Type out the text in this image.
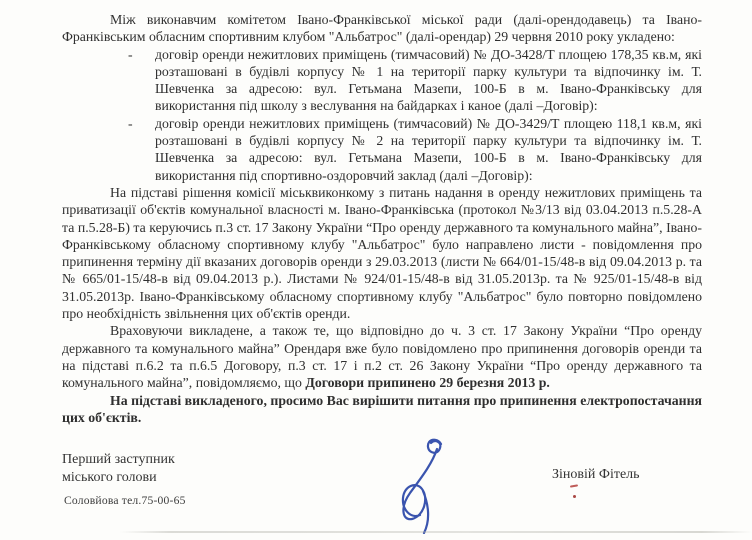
Між виконавчим комітетом Івано-Франківської міської ради (далі-орендодавець) та Івано-Франківським обласним спортивним клубом "Альбатрос" (далі-орендар) 29 червня 2010 року укладено:

- договір оренди нежитлових приміщень (тимчасовий) № ДО-3428/Т площею 178,35 кв.м, які розташовані в будівлі корпусу № 1 на території парку культури та відпочинку ім. Т. Шевченка за адресою: вул. Гетьмана Мазепи, 100-Б в м. Івано-Франківську для використання під школу з веслування на байдарках і каное (далі –Договір):

- договір оренди нежитлових приміщень (тимчасовий) № ДО-3429/Т площею 118,1 кв.м, які розташовані в будівлі корпусу № 2 на території парку культури та відпочинку ім. Т. Шевченка за адресою: вул. Гетьмана Мазепи, 100-Б в м. Івано-Франківську для використання під спортивно-оздоровчий заклад (далі –Договір):

На підставі рішення комісії міськвиконкому з питань надання в оренду нежитлових приміщень та приватизації об'єктів комунальної власності м. Івано-Франківська (протокол №3/13 від 03.04.2013 п.5.28-А та п.5.28-Б) та керуючись п.3 ст. 17 Закону України “Про оренду державного та комунального майна”, Івано-Франківському обласному спортивному клубу "Альбатрос" було направлено листи - повідомлення про припинення терміну дії вказаних договорів оренди з 29.03.2013 (листи № 664/01-15/48-в від 09.04.2013 р. та № 665/01-15/48-в від 09.04.2013 р.). Листами № 924/01-15/48-в від 31.05.2013р. та № 925/01-15/48-в від 31.05.2013р. Івано-Франківському обласному спортивному клубу "Альбатрос" було повторно повідомлено про необхідність звільнення цих об'єктів оренди.

Враховуючи викладене, а також те, що відповідно до ч. 3 ст. 17 Закону України “Про оренду державного та комунального майна” Орендаря вже було повідомлено про припинення договорів оренди та на підставі п.6.2 та п.6.5 Договору, п.3 ст. 17 і п.2 ст. 26 Закону України “Про оренду державного та комунального майна”, повідомляємо, що Договори припинено 29 березня 2013 р.

На підставі викладеного, просимо Вас вирішити питання про припинення електропостачання цих об'єктів.

Перший заступник
міського голови	Зіновій Фітель
Соловйова тел.75-00-65
